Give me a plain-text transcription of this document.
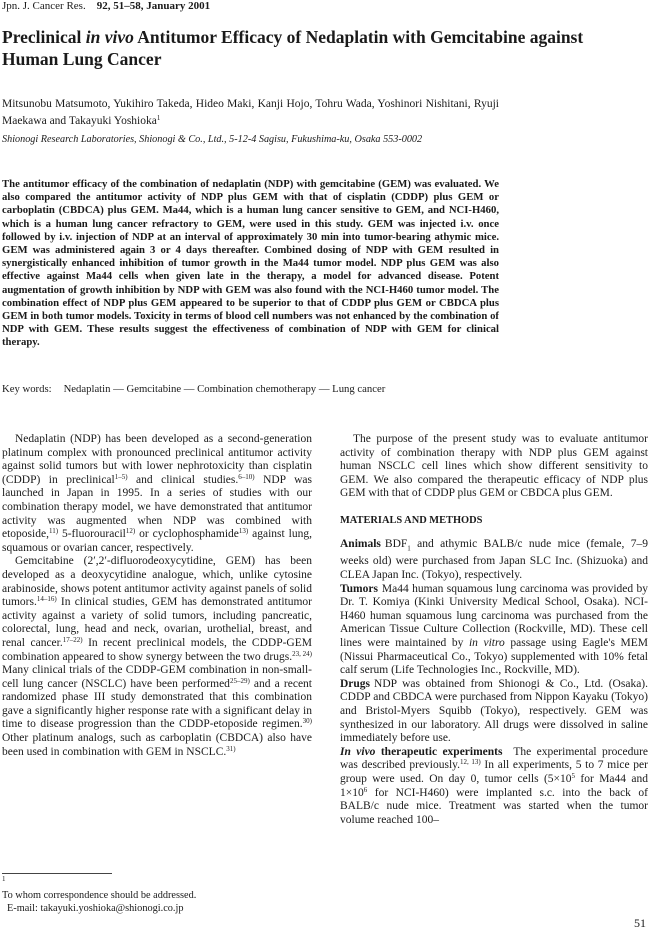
Jpn. J. Cancer Res. 92, 51–58, January 2001
Preclinical in vivo Antitumor Efficacy of Nedaplatin with Gemcitabine against Human Lung Cancer

Mitsunobu Matsumoto, Yukihiro Takeda, Hideo Maki, Kanji Hojo, Tohru Wada, Yoshinori Nishitani, Ryuji Maekawa and Takayuki Yoshioka$^1$

Shionogi Research Laboratories, Shionogi & Co., Ltd., 5-12-4 Sagisu, Fukushima-ku, Osaka 553-0002

The antitumor efficacy of the combination of nedaplatin (NDP) with gemcitabine (GEM) was evaluated. We also compared the antitumor activity of NDP plus GEM with that of cisplatin (CDDP) plus GEM or carboplatin (CBDCA) plus GEM. Ma44, which is a human lung cancer sensitive to GEM, and NCI-H460, which is a human lung cancer refractory to GEM, were used in this study. GEM was injected i.v. once followed by i.v. injection of NDP at an interval of approximately 30 min into tumor-bearing athymic mice. GEM was administered again 3 or 4 days thereafter. Combined dosing of NDP with GEM resulted in synergistically enhanced inhibition of tumor growth in the Ma44 tumor model. NDP plus GEM was also effective against Ma44 cells when given late in the therapy, a model for advanced disease. Potent augmentation of growth inhibition by NDP with GEM was also found with the NCI-H460 tumor model. The combination effect of NDP plus GEM appeared to be superior to that of CDDP plus GEM or CBDCA plus GEM in both tumor models. Toxicity in terms of blood cell numbers was not enhanced by the combination of NDP with GEM. These results suggest the effectiveness of combination of NDP with GEM for clinical therapy.

Key words: Nedaplatin — Gemcitabine — Combination chemotherapy — Lung cancer

Nedaplatin (NDP) has been developed as a second-generation platinum complex with pronounced preclinical antitumor activity against solid tumors but with lower nephrotoxicity than cisplatin (CDDP) in preclinical$^{1-5)}$ and clinical studies.$^{6-10)}$ NDP was launched in Japan in 1995. In a series of studies with our combination therapy model, we have demonstrated that antitumor activity was augmented when NDP was combined with etoposide,$^{11)}$ 5-fluorouracil$^{12)}$ or cyclophosphamide$^{13)}$ against lung, squamous or ovarian cancer, respectively.

Gemcitabine (2′,2′-difluorodeoxycytidine, GEM) has been developed as a deoxycytidine analogue, which, unlike cytosine arabinoside, shows potent antitumor activity against panels of solid tumors.$^{14-16)}$ In clinical studies, GEM has demonstrated antitumor activity against a variety of solid tumors, including pancreatic, colorectal, lung, head and neck, ovarian, urothelial, breast, and renal cancer.$^{17-22)}$ In recent preclinical models, the CDDP-GEM combination appeared to show synergy between the two drugs.$^{23, 24)}$ Many clinical trials of the CDDP-GEM combination in non-small-cell lung cancer (NSCLC) have been performed$^{25-29)}$ and a recent randomized phase III study demonstrated that this combination gave a significantly higher response rate with a significant delay in time to disease progression than the CDDP-etoposide regimen.$^{30)}$ Other platinum analogs, such as carboplatin (CBDCA) also have been used in combination with GEM in NSCLC.$^{31)}$

The purpose of the present study was to evaluate antitumor activity of combination therapy with NDP plus GEM against human NSCLC cell lines which show different sensitivity to GEM. We also compared the therapeutic efficacy of NDP plus GEM with that of CDDP plus GEM or CBDCA plus GEM.

MATERIALS AND METHODS

Animals $BDF_1$ and athymic BALB/c nude mice (female, 7–9 weeks old) were purchased from Japan SLC Inc. (Shizuoka) and CLEA Japan Inc. (Tokyo), respectively.

Tumors Ma44 human squamous lung carcinoma was provided by Dr. T. Komiya (Kinki University Medical School, Osaka). NCI-H460 human squamous lung carcinoma was purchased from the American Tissue Culture Collection (Rockville, MD). These cell lines were maintained by in vitro passage using Eagle's MEM (Nissui Pharmaceutical Co., Tokyo) supplemented with 10% fetal calf serum (Life Technologies Inc., Rockville, MD).

Drugs NDP was obtained from Shionogi & Co., Ltd. (Osaka). CDDP and CBDCA were purchased from Nippon Kayaku (Tokyo) and Bristol-Myers Squibb (Tokyo), respectively. GEM was synthesized in our laboratory. All drugs were dissolved in saline immediately before use.

In vivo therapeutic experiments The experimental procedure was described previously.$^{12, 13)}$ In all experiments, 5 to 7 mice per group were used. On day 0, tumor cells ($5\times 10^5$ for Ma44 and $1\times 10^6$ for NCI-H460) were implanted s.c. into the back of BALB/c nude mice. Treatment was started when the tumor volume reached 100–

$^1$
To whom correspondence should be addressed.
E-mail: takayuki.yoshioka@shionogi.co.jp
51
